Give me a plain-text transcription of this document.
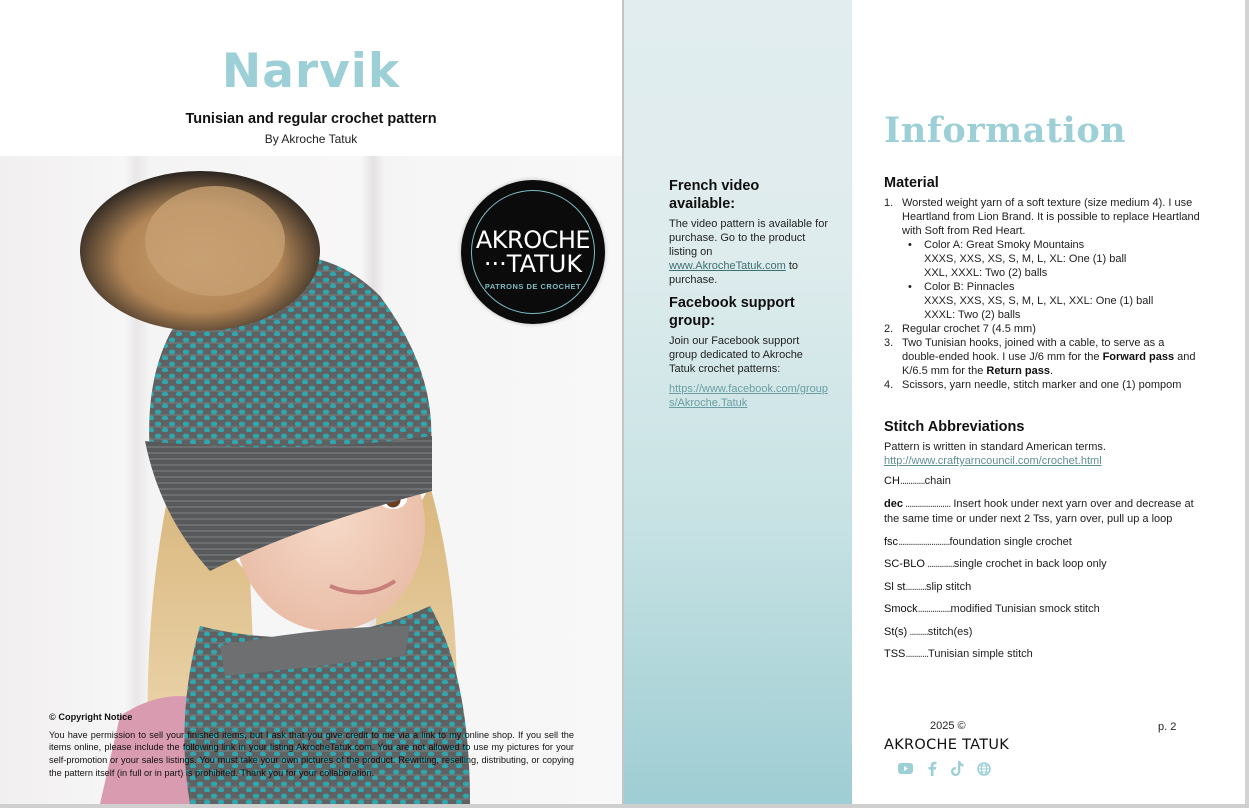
Narvik
Tunisian and regular crochet pattern
By Akroche Tatuk
AKROCHE
···TATUK
PATRONS DE CROCHET
© Copyright Notice
You have permission to sell your finished items, but I ask that you give credit to me via a link to my online shop. If you sell the items online, please include the following link in your listing AkrocheTatuk.com. You are not allowed to use my pictures for your self-promotion or your sales listings. You must take your own pictures of the product. Rewriting, reselling, distributing, or copying the pattern itself (in full or in part) is prohibited. Thank you for your collaboration.
French video available:

The video pattern is available for purchase. Go to the product listing on www.AkrocheTatuk.com to purchase.

Facebook support group:

Join our Facebook support group dedicated to Akroche Tatuk crochet patterns:

https://www.facebook.com/groups/Akroche.Tatuk

Information
Material
1. Worsted weight yarn of a soft texture (size medium 4). I use Heartland from Lion Brand. It is possible to replace Heartland with Soft from Red Heart.
• Color A: Great Smoky Mountains
XXXS, XXS, XS, S, M, L, XL: One (1) ball
XXL, XXXL: Two (2) balls
• Color B: Pinnacles
XXXS, XXS, XS, S, M, L, XL, XXL: One (1) ball
XXXL: Two (2) balls
2. Regular crochet 7 (4.5 mm)
3. Two Tunisian hooks, joined with a cable, to serve as a double-ended hook. I use J/6 mm for the Forward pass and K/6.5 mm for the Return pass.
4. Scissors, yarn needle, stitch marker and one (1) pompom
Stitch Abbreviations
Pattern is written in standard American terms.
http://www.craftyarncouncil.com/crochet.html
CH............chain
dec ...................... Insert hook under next yarn over and decrease at the same time or under next 2 Tss, yarn over, pull up a loop
fsc.........................foundation single crochet
SC-BLO .............single crochet in back loop only
Sl st..........slip stitch
Smock................modified Tunisian smock stitch
St(s) .........stitch(es)
TSS...........Tunisian simple stitch
2025 ©
AKROCHE TATUK
p. 2
